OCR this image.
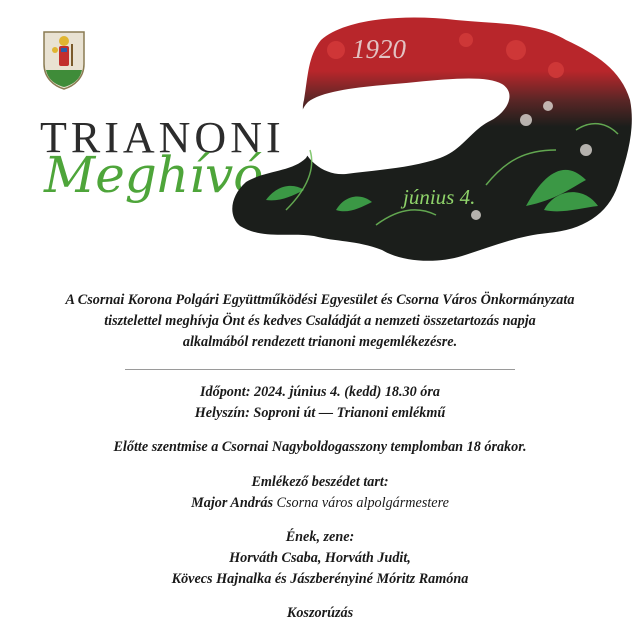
TRIANONI
Meghívó
1920
június 4.

A Csornai Korona Polgári Együttműködési Egyesület és Csorna Város Önkormányzata

tisztelettel meghívja Önt és kedves Családját a nemzeti összetartozás napja

alkalmából rendezett trianoni megemlékezésre.

Időpont: 2024. június 4. (kedd) 18.30 óra

Helyszín: Soproni út — Trianoni emlékmű

Előtte szentmise a Csornai Nagyboldogasszony templomban 18 órakor.

Emlékező beszédet tart:

Major András Csorna város alpolgármestere

Ének, zene:

Horváth Csaba, Horváth Judit,

Kövecs Hajnalka és Jászberényiné Móritz Ramóna

Koszorúzás
